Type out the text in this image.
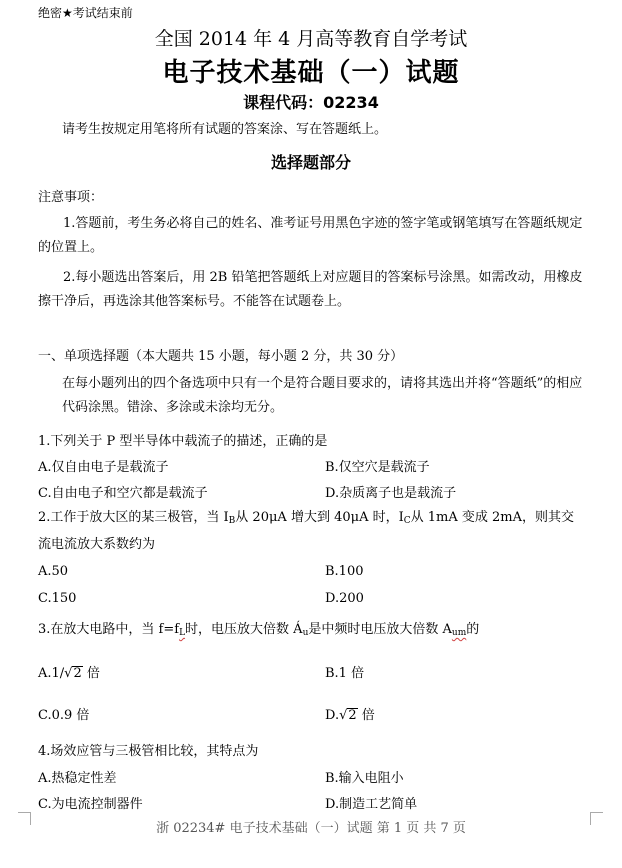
绝密★考试结束前

全国 2014 年 4 月高等教育自学考试

电子技术基础（一）试题

课程代码：02234

请考生按规定用笔将所有试题的答案涂、写在答题纸上。

选择题部分

注意事项：

1.答题前，考生务必将自己的姓名、准考证号用黑色字迹的签字笔或钢笔填写在答题纸规定的位置上。

2.每小题选出答案后，用 2B 铅笔把答题纸上对应题目的答案标号涂黑。如需改动，用橡皮擦干净后，再选涂其他答案标号。不能答在试题卷上。

一、单项选择题（本大题共 15 小题，每小题 2 分，共 30 分）

在每小题列出的四个备选项中只有一个是符合题目要求的，请将其选出并将“答题纸”的相应代码涂黑。错涂、多涂或未涂均无分。

1.下列关于 P 型半导体中载流子的描述，正确的是

A.仅自由电子是载流子	B.仅空穴是载流子

C.自由电子和空穴都是载流子	D.杂质离子也是载流子

2.工作于放大区的某三极管，当 $I_B$从 20μA 增大到 40μA 时，$I_C$从 1mA 变成 2mA，则其交流电流放大系数约为

A.50	B.100

C.150	D.200

3.在放大电路中，当 $f=f_L$时，电压放大倍数 $Á_u$是中频时电压放大倍数 $A_{um}$的

A.1/√2 倍	B.1 倍

C.0.9 倍	D.√2 倍

4.场效应管与三极管相比较，其特点为

A.热稳定性差	B.输入电阻小

C.为电流控制器件	D.制造工艺简单

浙 02234# 电子技术基础（一）试题 第 1 页 共 7 页
